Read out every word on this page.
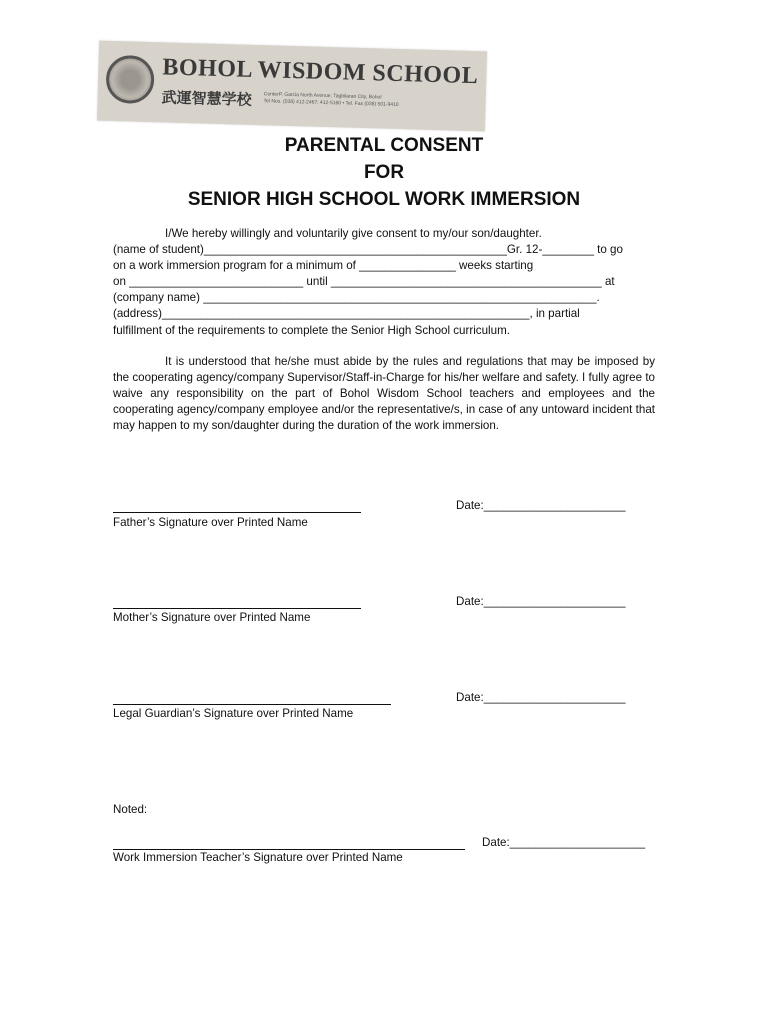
BOHOL WISDOM SCHOOL
武運智慧学校 CenterP. Garcia North Avenue, Tagbilaran City, Bohol
Tel Nos. (038) 412-2467; 412-5160 • Tel. Fax (038) 501-9410
PARENTAL CONSENT
FOR
SENIOR HIGH SCHOOL WORK IMMERSION

I/We hereby willingly and voluntarily give consent to my/our son/daughter.

(name of student)_______________________________________________Gr. 12-________ to go

on a work immersion program for a minimum of _______________ weeks starting

on ___________________________ until __________________________________________ at

(company name) _____________________________________________________________.

(address)_________________________________________________________, in partial

fulfillment of the requirements to complete the Senior High School curriculum.

It is understood that he/she must abide by the rules and regulations that may be imposed by the cooperating agency/company Supervisor/Staff-in-Charge for his/her welfare and safety. I fully agree to waive any responsibility on the part of Bohol Wisdom School teachers and employees and the cooperating agency/company employee and/or the representative/s, in case of any untoward incident that may happen to my son/daughter during the duration of the work immersion.

Date:______________________
Father’s Signature over Printed Name
Date:______________________
Mother’s Signature over Printed Name
Date:______________________
Legal Guardian’s Signature over Printed Name
Noted:
Date:_____________________
Work Immersion Teacher’s Signature over Printed Name
